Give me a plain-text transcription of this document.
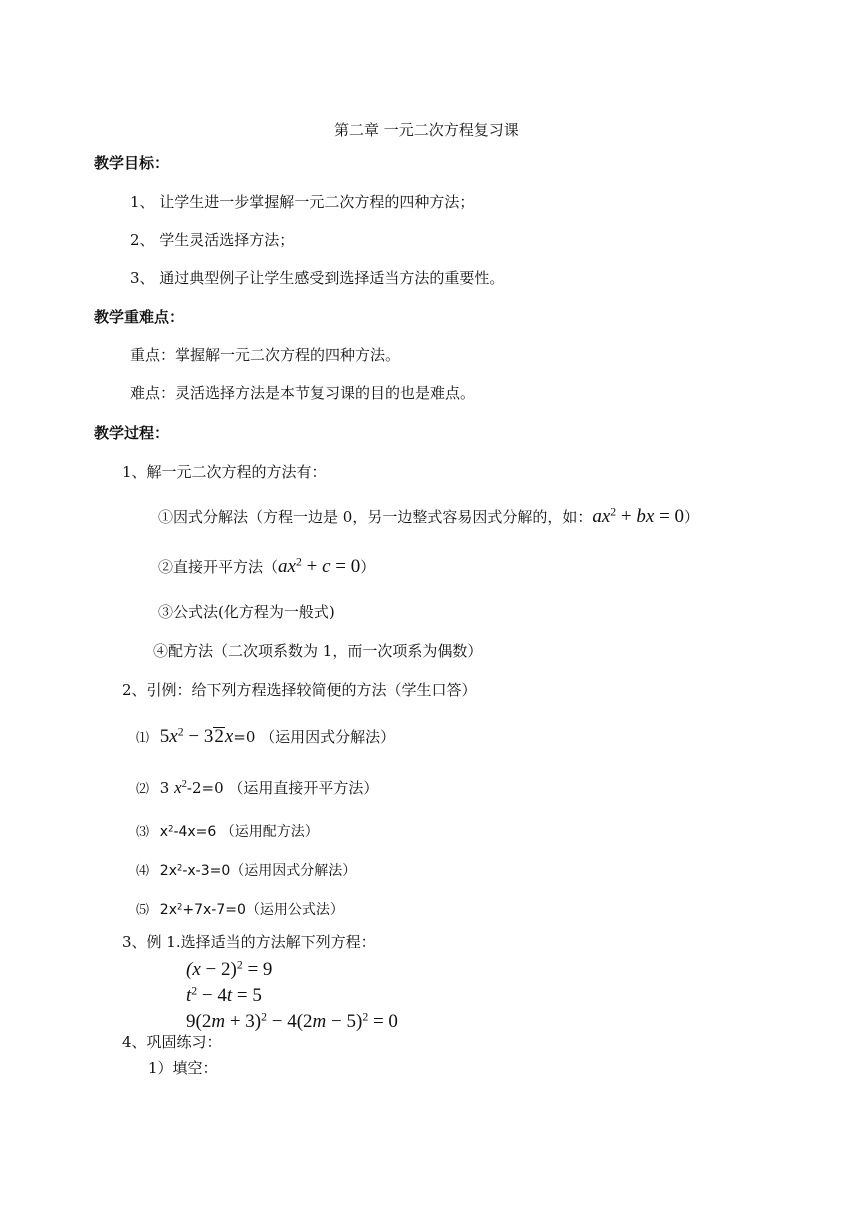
第二章 一元二次方程复习课
教学目标：
1、 让学生进一步掌握解一元二次方程的四种方法；
2、 学生灵活选择方法；
3、 通过典型例子让学生感受到选择适当方法的重要性。
教学重难点：
重点：掌握解一元二次方程的四种方法。
难点：灵活选择方法是本节复习课的目的也是难点。
教学过程：
1、解一元二次方程的方法有：
①因式分解法（方程一边是 0，另一边整式容易因式分解的，如：$ax^2$ + bx = 0）
②直接开平方法$(ax^2 + c = 0)$
③公式法(化方程为一般式)
④配方法（二次项系数为 1，而一次项系为偶数）
2、引例：给下列方程选择较简便的方法（学生口答）
⑴ $5x^2 - 32x=0$ （运用因式分解法）
⑵ 3 $x^2-2=0$ （运用直接开平方法）
⑶ $x^2-4x=6$ （运用配方法）
⑷ $2x^2-x-3=0$（运用因式分解法）
⑸ $2x^2+7x-7=0$（运用公式法）
3、例 1.选择适当的方法解下列方程：
$(x - 2)^2 = 9$
$t^2 - 4t = 5$
$9(2m + 3)^2 - 4(2m - 5)^2 = 0$
4、巩固练习：
1）填空：
